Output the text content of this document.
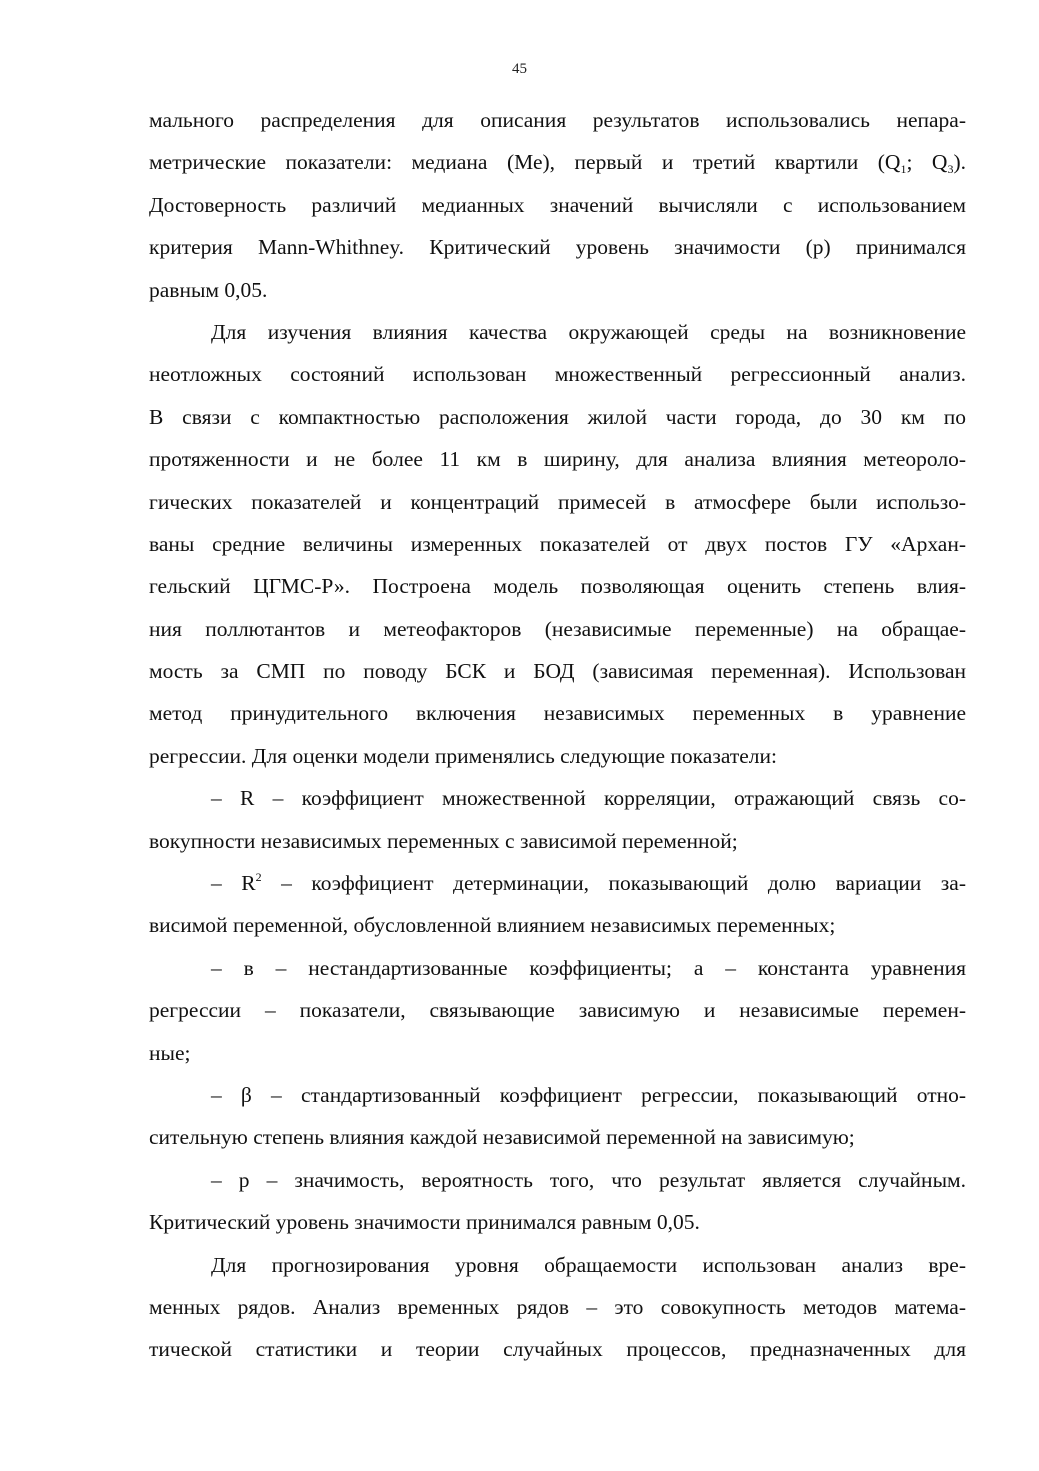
45
мального распределения для описания результатов использовались непара-
метрические показатели: медиана (Ме), первый и третий квартили ($Q_1$; $Q_3$).
Достоверность различий медианных значений вычисляли с использованием
критерия Mann-Whithney. Критический уровень значимости (р) принимался
равным 0,05.
Для изучения влияния качества окружающей среды на возникновение
неотложных состояний использован множественный регрессионный анализ.
В связи с компактностью расположения жилой части города, до 30 км по
протяженности и не более 11 км в ширину, для анализа влияния метеороло-
гических показателей и концентраций примесей в атмосфере были использо-
ваны средние величины измеренных показателей от двух постов ГУ «Архан-
гельский ЦГМС-Р». Построена модель позволяющая оценить степень влия-
ния поллютантов и метеофакторов (независимые переменные) на обращае-
мость за СМП по поводу БСК и БОД (зависимая переменная). Использован
метод принудительного включения независимых переменных в уравнение
регрессии. Для оценки модели применялись следующие показатели:
– R – коэффициент множественной корреляции, отражающий связь со-
вокупности независимых переменных с зависимой переменной;
– $R^2$ – коэффициент детерминации, показывающий долю вариации за-
висимой переменной, обусловленной влиянием независимых переменных;
– в – нестандартизованные коэффициенты; а – константа уравнения
регрессии – показатели, связывающие зависимую и независимые перемен-
ные;
– β – стандартизованный коэффициент регрессии, показывающий отно-
сительную степень влияния каждой независимой переменной на зависимую;
– р – значимость, вероятность того, что результат является случайным.
Критический уровень значимости принимался равным 0,05.
Для прогнозирования уровня обращаемости использован анализ вре-
менных рядов. Анализ временных рядов – это совокупность методов матема-
тической статистики и теории случайных процессов, предназначенных для
